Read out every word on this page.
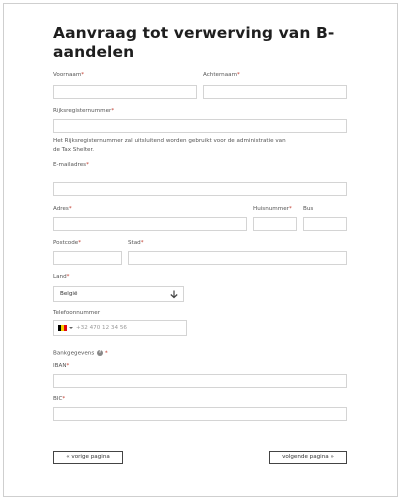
Aanvraag tot verwerving van B-aandelen
Voornaam*	Achternaam*
Rijksregisternummer*
Het Rijksregisternummer zal uitsluitend worden gebruikt voor de administratie van de Tax Shelter.
E-mailadres*
Adres*	Huisnummer* Bus
Postcode*	Stad*
Land*
België
Telefoonnummer
+32 470 12 34 56
Bankgegevens ? *
IBAN*
BIC*
« vorige pagina	volgende pagina »
